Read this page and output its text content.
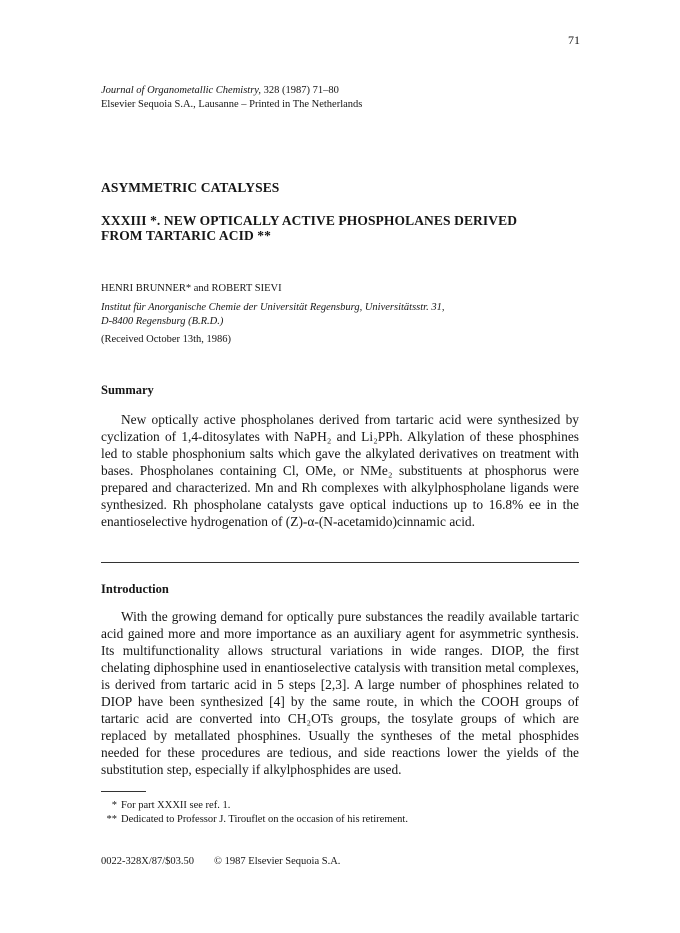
71
Journal of Organometallic Chemistry, 328 (1987) 71–80
Elsevier Sequoia S.A., Lausanne – Printed in The Netherlands
ASYMMETRIC CATALYSES
XXXIII *. NEW OPTICALLY ACTIVE PHOSPHOLANES DERIVED
FROM TARTARIC ACID **
HENRI BRUNNER* and ROBERT SIEVI
Institut für Anorganische Chemie der Universität Regensburg, Universitätsstr. 31,
D-8400 Regensburg (B.R.D.)
(Received October 13th, 1986)
Summary

New optically active phospholanes derived from tartaric acid were synthesized by cyclization of 1,4-ditosylates with NaPH₂ and Li₂PPh. Alkylation of these phosphines led to stable phosphonium salts which gave the alkylated derivatives on treatment with bases. Phospholanes containing Cl, OMe, or NMe₂ substituents at phosphorus were prepared and characterized. Mn and Rh complexes with alkylphospholane ligands were synthesized. Rh phospholane catalysts gave optical inductions up to 16.8% ee in the enantioselective hydrogenation of (Z)-α-(N-acetamido)cinnamic acid.

Introduction

With the growing demand for optically pure substances the readily available tartaric acid gained more and more importance as an auxiliary agent for asymmetric synthesis. Its multifunctionality allows structural variations in wide ranges. DIOP, the first chelating diphosphine used in enantioselective catalysis with transition metal complexes, is derived from tartaric acid in 5 steps [2,3]. A large number of phosphines related to DIOP have been synthesized [4] by the same route, in which the COOH groups of tartaric acid are converted into CH₂OTs groups, the tosylate groups of which are replaced by metallated phosphines. Usually the syntheses of the metal phosphides needed for these procedures are tedious, and side reactions lower the yields of the substitution step, especially if alkylphosphides are used.

* For part XXXII see ref. 1.
** Dedicated to Professor J. Tirouflet on the occasion of his retirement.
0022-328X/87/$03.50 © 1987 Elsevier Sequoia S.A.
